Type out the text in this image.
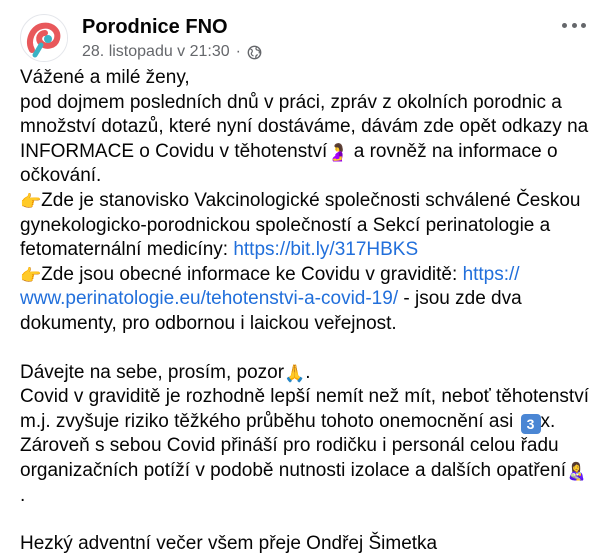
Porodnice FNO
28. listopadu v 21:30 ·

Vážené a milé ženy,

pod dojmem posledních dnů v práci, zpráv z okolních porodnic a množství dotazů, které nyní dostáváme, dávám zde opět odkazy na INFORMACE o Covidu v těhotenství🤰 a rovněž na informace o očkování.

👉Zde je stanovisko Vakcinologické společnosti schválené Českou gynekologicko-porodnickou společností a Sekcí perinatologie a fetomaternální medicíny: https://bit.ly/317HBKS

👉Zde jsou obecné informace ke Covidu v graviditě: https:// www.perinatologie.eu/tehotenstvi-a-covid-19/ - jsou zde dva dokumenty, pro odbornou i laickou veřejnost.

Dávejte na sebe, prosím, pozor🙏.

Covid v graviditě je rozhodně lepší nemít než mít, neboť těhotenství m.j. zvyšuje riziko těžkého průběhu tohoto onemocnění asi 3 x.

Zároveň s sebou Covid přináší pro rodičku i personál celou řadu organizačních potíží v podobě nutnosti izolace a dalších opatření👩‍🍼.

Hezký adventní večer všem přeje Ondřej Šimetka
